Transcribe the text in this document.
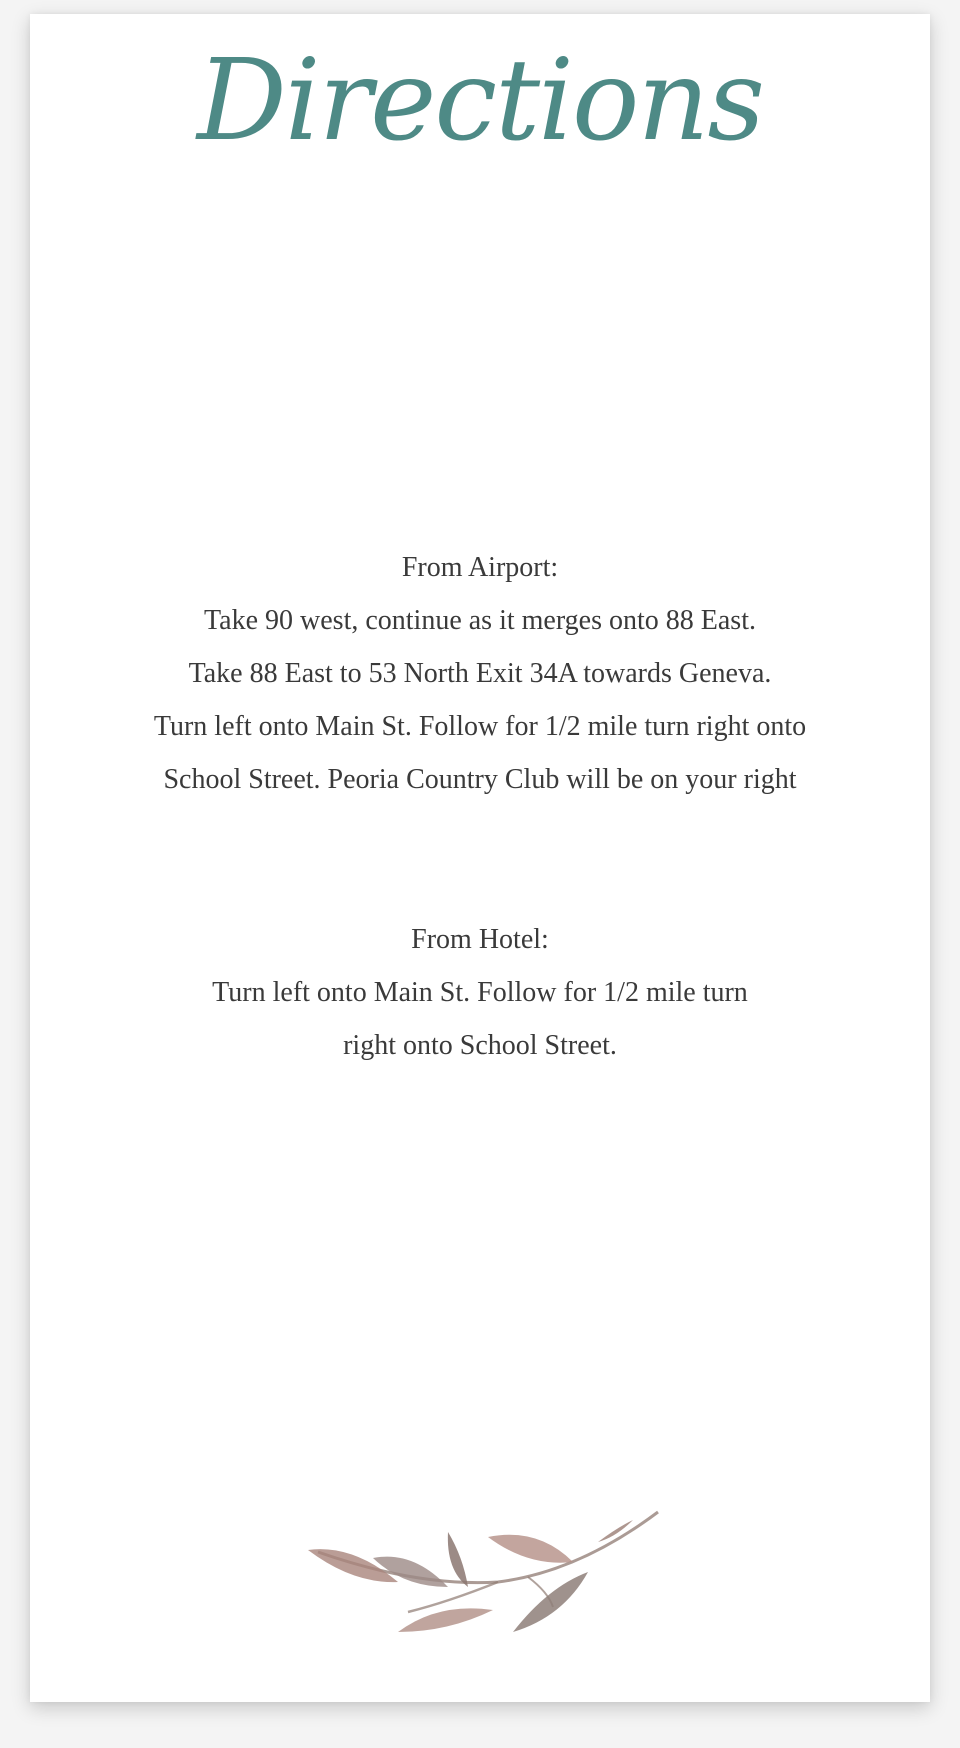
Directions

From Airport:

Take 90 west, continue as it merges onto 88 East.

Take 88 East to 53 North Exit 34A towards Geneva.

Turn left onto Main St. Follow for 1/2 mile turn right onto

School Street. Peoria Country Club will be on your right

From Hotel:

Turn left onto Main St. Follow for 1/2 mile turn

right onto School Street.
